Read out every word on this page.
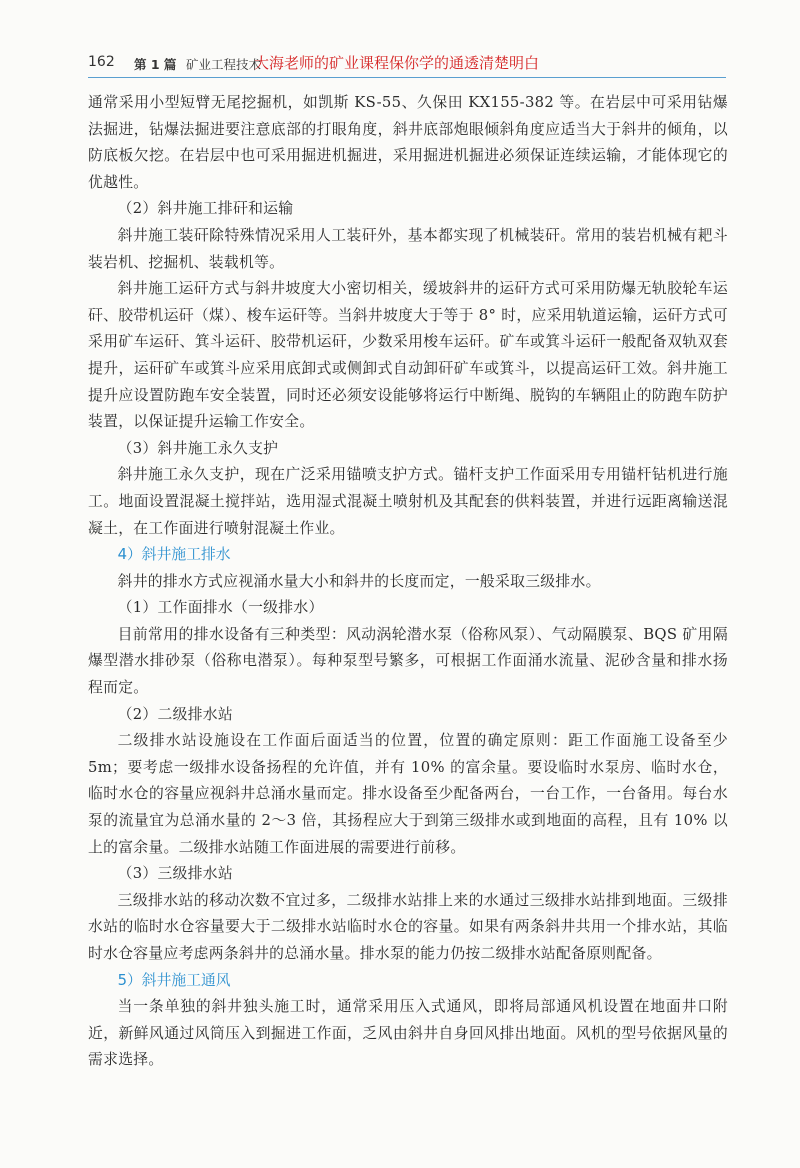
162 第 1 篇 矿业工程技术
大海老师的矿业课程保你学的通透清楚明白

通常采用小型短臂无尾挖掘机，如凯斯 KS-55、久保田 KX155-382 等。在岩层中可采用钻爆法掘进，钻爆法掘进要注意底部的打眼角度，斜井底部炮眼倾斜角度应适当大于斜井的倾角，以防底板欠挖。在岩层中也可采用掘进机掘进，采用掘进机掘进必须保证连续运输，才能体现它的优越性。

（2）斜井施工排矸和运输

斜井施工装矸除特殊情况采用人工装矸外，基本都实现了机械装矸。常用的装岩机械有耙斗装岩机、挖掘机、装载机等。

斜井施工运矸方式与斜井坡度大小密切相关，缓坡斜井的运矸方式可采用防爆无轨胶轮车运矸、胶带机运矸（煤）、梭车运矸等。当斜井坡度大于等于 8° 时，应采用轨道运输，运矸方式可采用矿车运矸、箕斗运矸、胶带机运矸，少数采用梭车运矸。矿车或箕斗运矸一般配备双轨双套提升，运矸矿车或箕斗应采用底卸式或侧卸式自动卸矸矿车或箕斗，以提高运矸工效。斜井施工提升应设置防跑车安全装置，同时还必须安设能够将运行中断绳、脱钩的车辆阻止的防跑车防护装置，以保证提升运输工作安全。

（3）斜井施工永久支护

斜井施工永久支护，现在广泛采用锚喷支护方式。锚杆支护工作面采用专用锚杆钻机进行施工。地面设置混凝土搅拌站，选用湿式混凝土喷射机及其配套的供料装置，并进行远距离输送混凝土，在工作面进行喷射混凝土作业。

4）斜井施工排水

斜井的排水方式应视涌水量大小和斜井的长度而定，一般采取三级排水。

（1）工作面排水（一级排水）

目前常用的排水设备有三种类型：风动涡轮潜水泵（俗称风泵）、气动隔膜泵、BQS 矿用隔爆型潜水排砂泵（俗称电潜泵）。每种泵型号繁多，可根据工作面涌水流量、泥砂含量和排水扬程而定。

（2）二级排水站

二级排水站设施设在工作面后面适当的位置，位置的确定原则：距工作面施工设备至少 5m；要考虑一级排水设备扬程的允许值，并有 10% 的富余量。要设临时水泵房、临时水仓，临时水仓的容量应视斜井总涌水量而定。排水设备至少配备两台，一台工作，一台备用。每台水泵的流量宜为总涌水量的 2～3 倍，其扬程应大于到第三级排水或到地面的高程，且有 10% 以上的富余量。二级排水站随工作面进展的需要进行前移。

（3）三级排水站

三级排水站的移动次数不宜过多，二级排水站排上来的水通过三级排水站排到地面。三级排水站的临时水仓容量要大于二级排水站临时水仓的容量。如果有两条斜井共用一个排水站，其临时水仓容量应考虑两条斜井的总涌水量。排水泵的能力仍按二级排水站配备原则配备。

5）斜井施工通风

当一条单独的斜井独头施工时，通常采用压入式通风，即将局部通风机设置在地面井口附近，新鲜风通过风筒压入到掘进工作面，乏风由斜井自身回风排出地面。风机的型号依据风量的需求选择。
